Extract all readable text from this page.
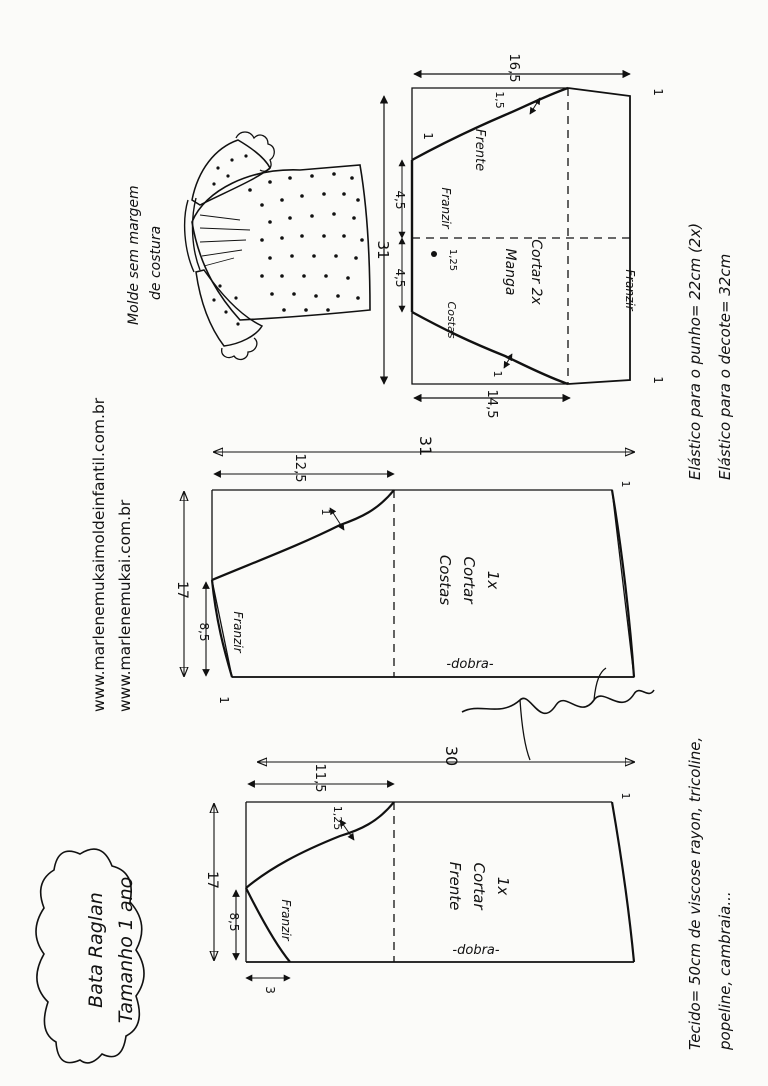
Bata Raglan Tamanho 1 ano
www.marlenemukaimoldeinfantil.com.br www.marlenemukai.com.br
Molde sem margem de costura	31
4,5
4,5
16,5
14,5
1,5
1
1,25
1
1
1	Frente
Costas
Franzir
Franzir
Manga Cortar 2x	Elástico para o punho= 22cm (2x) Elástico para o decote= 32cm
31
12,5
17
8,5
1
1
1
Franzir
Costas Cortar 1x
-dobra-
Marlene Mukai
30
11,5
17
8,5
3
1,25
1
Franzir
Frente Cortar 1x
-dobra-	Tecido= 50cm de viscose rayon, tricoline, popeline, cambraia...
